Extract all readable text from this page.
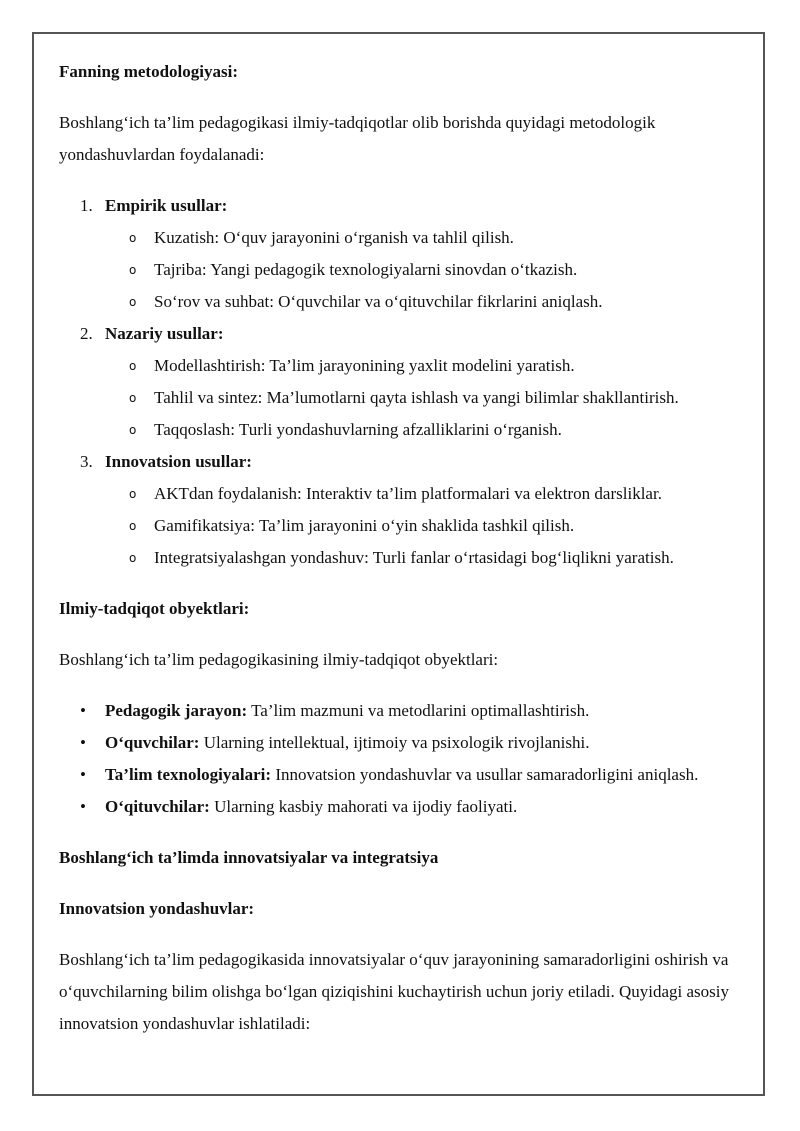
Fanning metodologiyasi:
Boshlang‘ich ta’lim pedagogikasi ilmiy-tadqiqotlar olib borishda quyidagi metodologik yondashuvlardan foydalanadi:
1. Empirik usullar:
o Kuzatish: O‘quv jarayonini o‘rganish va tahlil qilish.
o Tajriba: Yangi pedagogik texnologiyalarni sinovdan o‘tkazish.
o So‘rov va suhbat: O‘quvchilar va o‘qituvchilar fikrlarini aniqlash.
2. Nazariy usullar:
o Modellashtirish: Ta’lim jarayonining yaxlit modelini yaratish.
o Tahlil va sintez: Ma’lumotlarni qayta ishlash va yangi bilimlar shakllantirish.
o Taqqoslash: Turli yondashuvlarning afzalliklarini o‘rganish.
3. Innovatsion usullar:
o AKTdan foydalanish: Interaktiv ta’lim platformalari va elektron darsliklar.
o Gamifikatsiya: Ta’lim jarayonini o‘yin shaklida tashkil qilish.
o Integratsiyalashgan yondashuv: Turli fanlar o‘rtasidagi bog‘liqlikni yaratish.
Ilmiy-tadqiqot obyektlari:
Boshlang‘ich ta’lim pedagogikasining ilmiy-tadqiqot obyektlari:
• Pedagogik jarayon: Ta’lim mazmuni va metodlarini optimallashtirish.
• O‘quvchilar: Ularning intellektual, ijtimoiy va psixologik rivojlanishi.
• Ta’lim texnologiyalari: Innovatsion yondashuvlar va usullar samaradorligini aniqlash.
• O‘qituvchilar: Ularning kasbiy mahorati va ijodiy faoliyati.
Boshlang‘ich ta’limda innovatsiyalar va integratsiya
Innovatsion yondashuvlar:
Boshlang‘ich ta’lim pedagogikasida innovatsiyalar o‘quv jarayonining samaradorligini oshirish va o‘quvchilarning bilim olishga bo‘lgan qiziqishini kuchaytirish uchun joriy etiladi. Quyidagi asosiy innovatsion yondashuvlar ishlatiladi:
